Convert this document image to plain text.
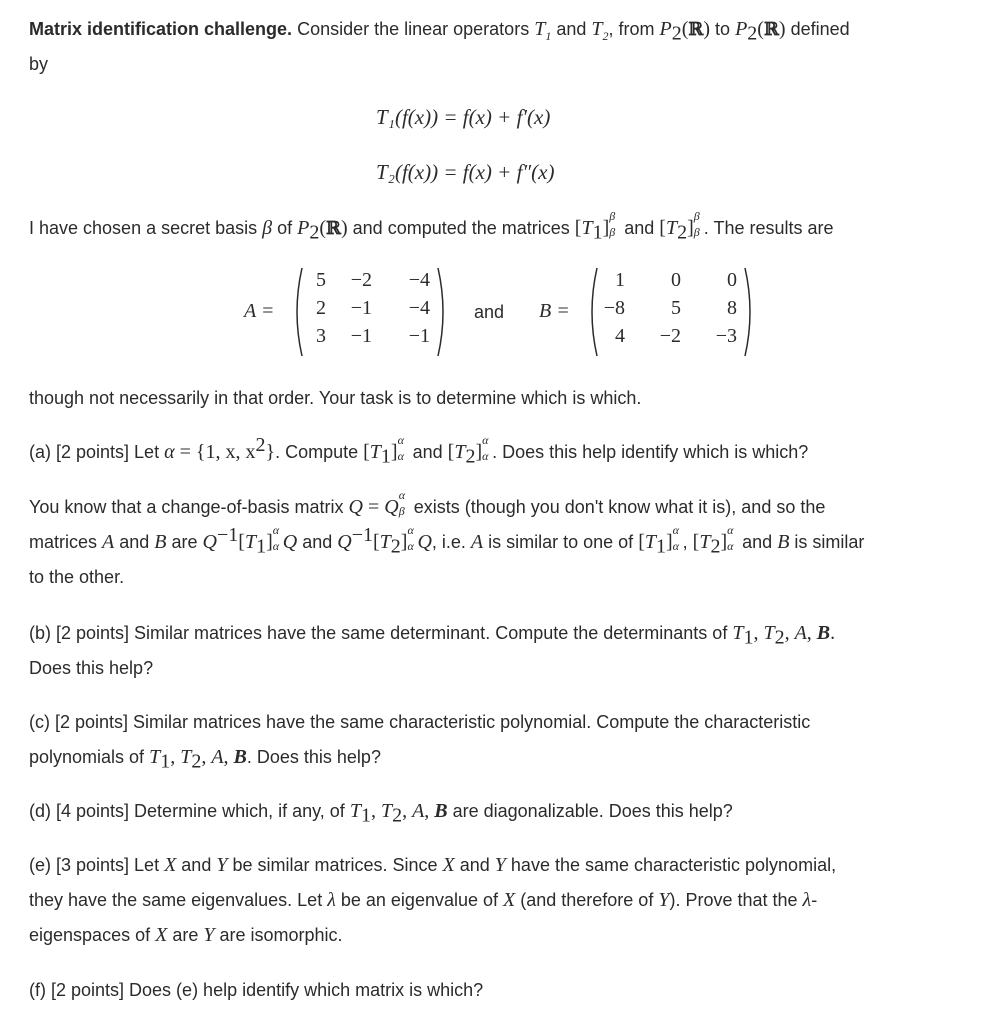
Matrix identification challenge. Consider the linear operators $T_1$ and $T_2$, from $P_2(ℝ)$ to $P_2(ℝ)$ defined
by
T₁(f(x)) = f(x) + f′(x)
T₂(f(x)) = f(x) + f″(x)
I have chosen a secret basis β of $P_2(ℝ)$ and computed the matrices $[T_1]$
β
β and $[T_2]$
β
β . The results are
A =
5	−2	−4
2	−1	−4
3	−1	−1
and B =
1	0	0
−8	5	8
4	−2	−3
though not necessarily in that order. Your task is to determine which is which.
(a) [2 points] Let α = {1, x, $x^2$}. Compute $[T_1]$
α
α and $[T_2]$
α
α . Does this help identify which is which?
You know that a change-of-basis matrix Q = Q
α
β exists (though you don't know what it is), and so the
matrices A and B are $Q^{-1}[T_1]$
α
α Q and $Q^{-1}[T_2]$
α
α Q, i.e. A is similar to one of $[T_1]$
α
α , $[T_2]$
α
α and B is similar
to the other.
(b) [2 points] Similar matrices have the same determinant. Compute the determinants of $T_1$, $T_2$, A, B.
Does this help?
(c) [2 points] Similar matrices have the same characteristic polynomial. Compute the characteristic
polynomials of $T_1$, $T_2$, A, B. Does this help?
(d) [4 points] Determine which, if any, of $T_1$, $T_2$, A, B are diagonalizable. Does this help?
(e) [3 points] Let X and Y be similar matrices. Since X and Y have the same characteristic polynomial,
they have the same eigenvalues. Let λ be an eigenvalue of X (and therefore of Y). Prove that the λ-
eigenspaces of X are Y are isomorphic.
(f) [2 points] Does (e) help identify which matrix is which?
